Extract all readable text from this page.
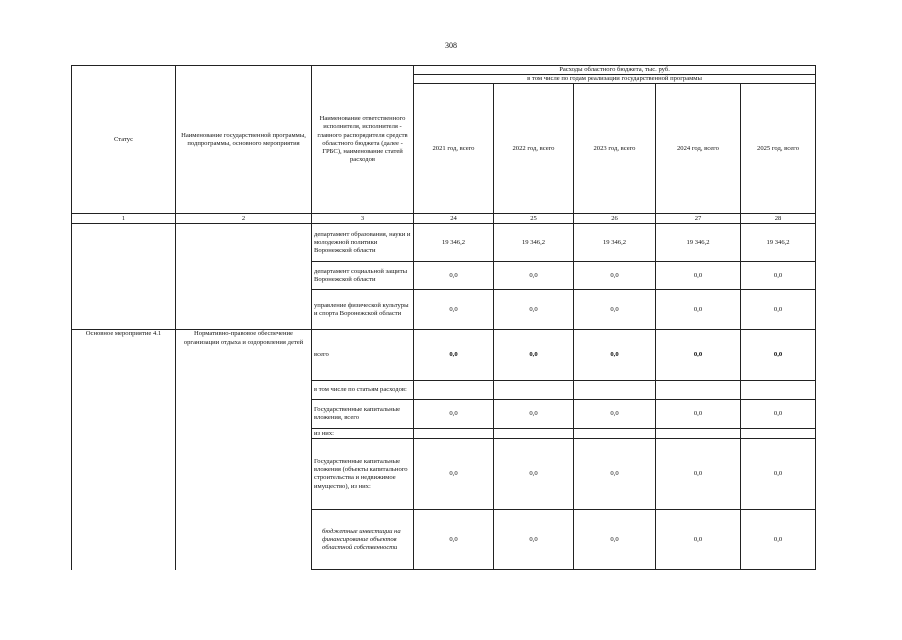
308
Статус	Наименование государственной программы, подпрограммы, основного мероприятия	Наименование ответственного исполнителя, исполнителя - главного распорядителя средств областного бюджета (далее - ГРБС), наименование статей расходов	Расходы областного бюджета, тыс. руб.				
			в том числе по годам реализации государственной программы				
			2021 год, всего	2022 год, всего	2023 год, всего	2024 год, всего	2025 год, всего
1	2	3	24	25	26	27	28
		департамент образования, науки и молодежной политики Воронежской области	19 346,2	19 346,2	19 346,2	19 346,2	19 346,2
		департамент социальной защиты Воронежской области	0,0	0,0	0,0	0,0	0,0
		управление физической культуры и спорта Воронежской области	0,0	0,0	0,0	0,0	0,0
Основное мероприятие 4.1	Нормативно-правовое обеспечение организации отдыха и оздоровления детей	всего	0,0	0,0	0,0	0,0	0,0
		в том числе по статьям расходов:					
		Государственные капитальные вложения, всего	0,0	0,0	0,0	0,0	0,0
		из них:					
		Государственные капитальные вложения (объекты капитального строительства и недвижимое имущество), из них:	0,0	0,0	0,0	0,0	0,0
		бюджетные инвестиции на финансирование объектов областной собственности	0,0	0,0	0,0	0,0	0,0
